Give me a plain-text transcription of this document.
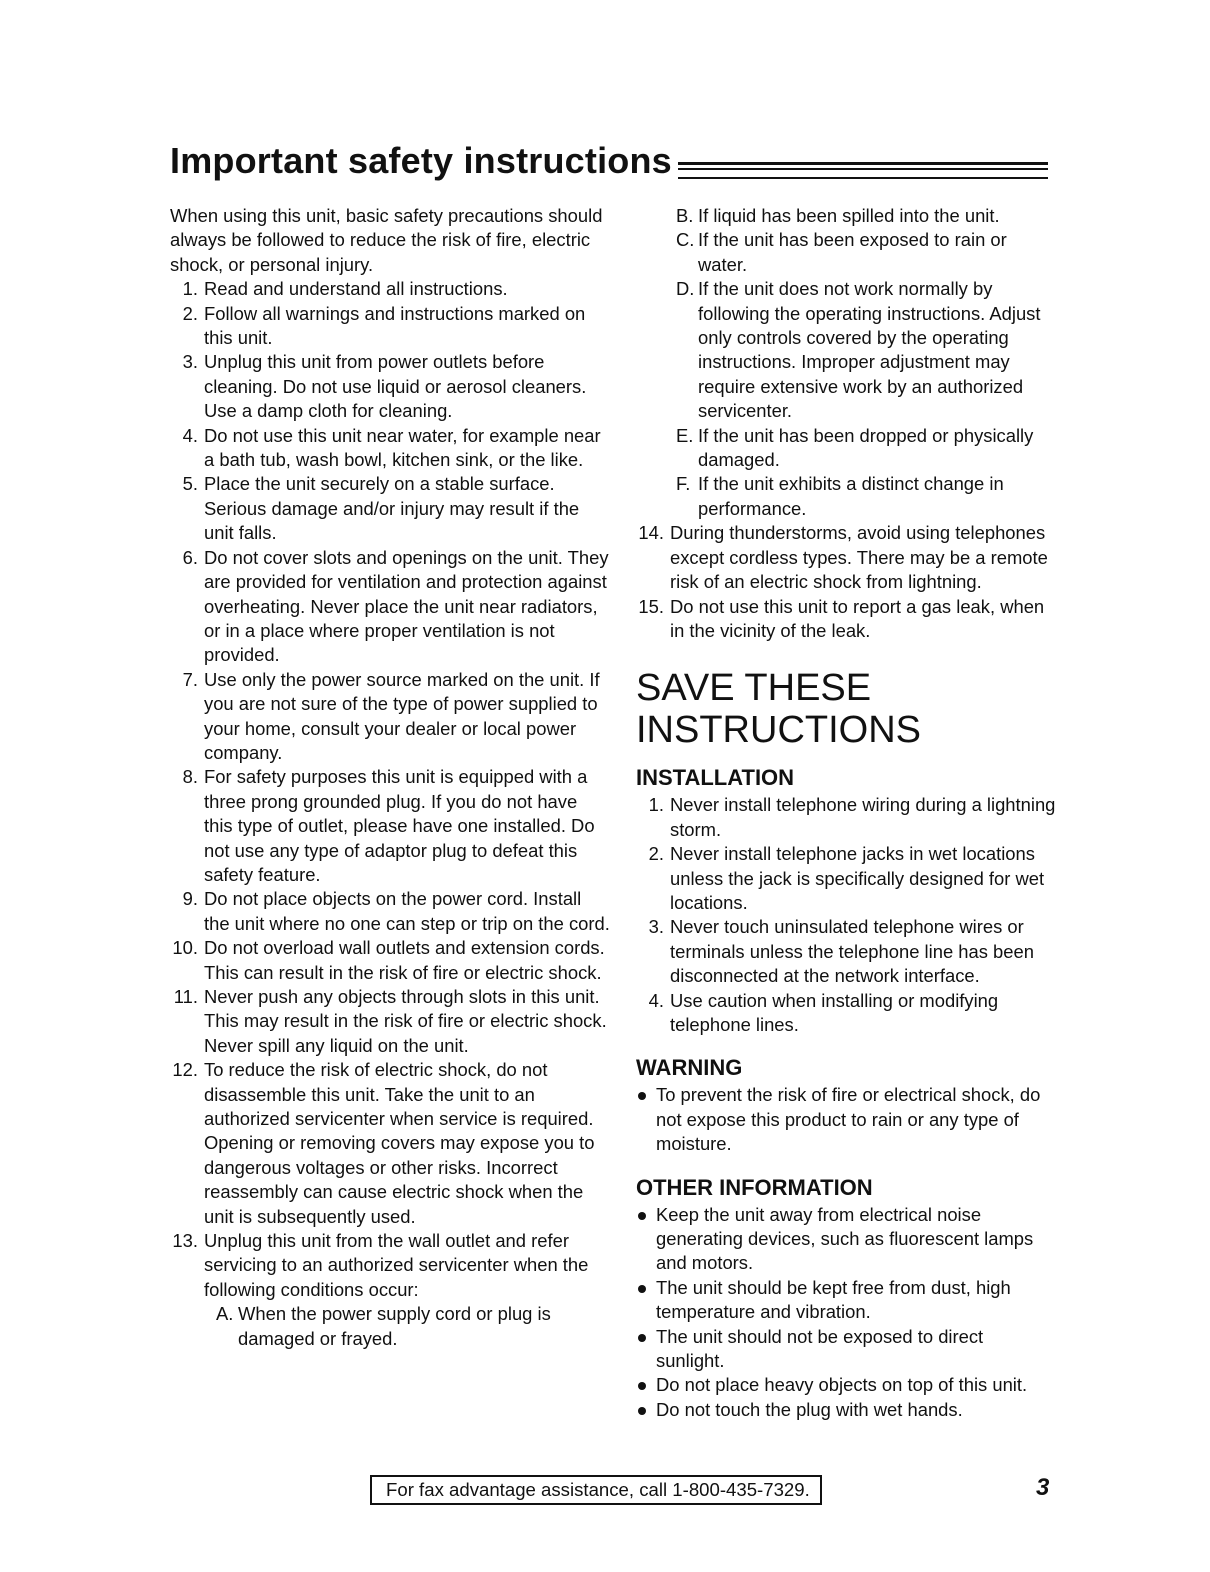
Important safety instructions

When using this unit, basic safety precautions should always be followed to reduce the risk of fire, electric shock, or personal injury.

1. Read and understand all instructions.
2. Follow all warnings and instructions marked on this unit.
3. Unplug this unit from power outlets before cleaning. Do not use liquid or aerosol cleaners. Use a damp cloth for cleaning.
4. Do not use this unit near water, for example near a bath tub, wash bowl, kitchen sink, or the like.
5. Place the unit securely on a stable surface. Serious damage and/or injury may result if the unit falls.
6. Do not cover slots and openings on the unit. They are provided for ventilation and protection against overheating. Never place the unit near radiators, or in a place where proper ventilation is not provided.
7. Use only the power source marked on the unit. If you are not sure of the type of power supplied to your home, consult your dealer or local power company.
8. For safety purposes this unit is equipped with a three prong grounded plug. If you do not have this type of outlet, please have one installed. Do not use any type of adaptor plug to defeat this safety feature.
9. Do not place objects on the power cord. Install the unit where no one can step or trip on the cord.
10. Do not overload wall outlets and extension cords. This can result in the risk of fire or electric shock.
11. Never push any objects through slots in this unit. This may result in the risk of fire or electric shock. Never spill any liquid on the unit.
12. To reduce the risk of electric shock, do not disassemble this unit. Take the unit to an authorized servicenter when service is required. Opening or removing covers may expose you to dangerous voltages or other risks. Incorrect reassembly can cause electric shock when the unit is subsequently used.
13. Unplug this unit from the wall outlet and refer servicing to an authorized servicenter when the following conditions occur:
A. When the power supply cord or plug is damaged or frayed.
B. If liquid has been spilled into the unit.
C. If the unit has been exposed to rain or water.
D. If the unit does not work normally by following the operating instructions. Adjust only controls covered by the operating instructions. Improper adjustment may require extensive work by an authorized servicenter.
E. If the unit has been dropped or physically damaged.
F. If the unit exhibits a distinct change in performance.
14. During thunderstorms, avoid using telephones except cordless types. There may be a remote risk of an electric shock from lightning.
15. Do not use this unit to report a gas leak, when in the vicinity of the leak.
SAVE THESE
INSTRUCTIONS
INSTALLATION
1. Never install telephone wiring during a lightning storm.
2. Never install telephone jacks in wet locations unless the jack is specifically designed for wet locations.
3. Never touch uninsulated telephone wires or terminals unless the telephone line has been disconnected at the network interface.
4. Use caution when installing or modifying telephone lines.
WARNING
To prevent the risk of fire or electrical shock, do not expose this product to rain or any type of moisture.
OTHER INFORMATION
Keep the unit away from electrical noise generating devices, such as fluorescent lamps and motors.
The unit should be kept free from dust, high temperature and vibration.
The unit should not be exposed to direct sunlight.
Do not place heavy objects on top of this unit.
Do not touch the plug with wet hands.
For fax advantage assistance, call 1-800-435-7329.	3
